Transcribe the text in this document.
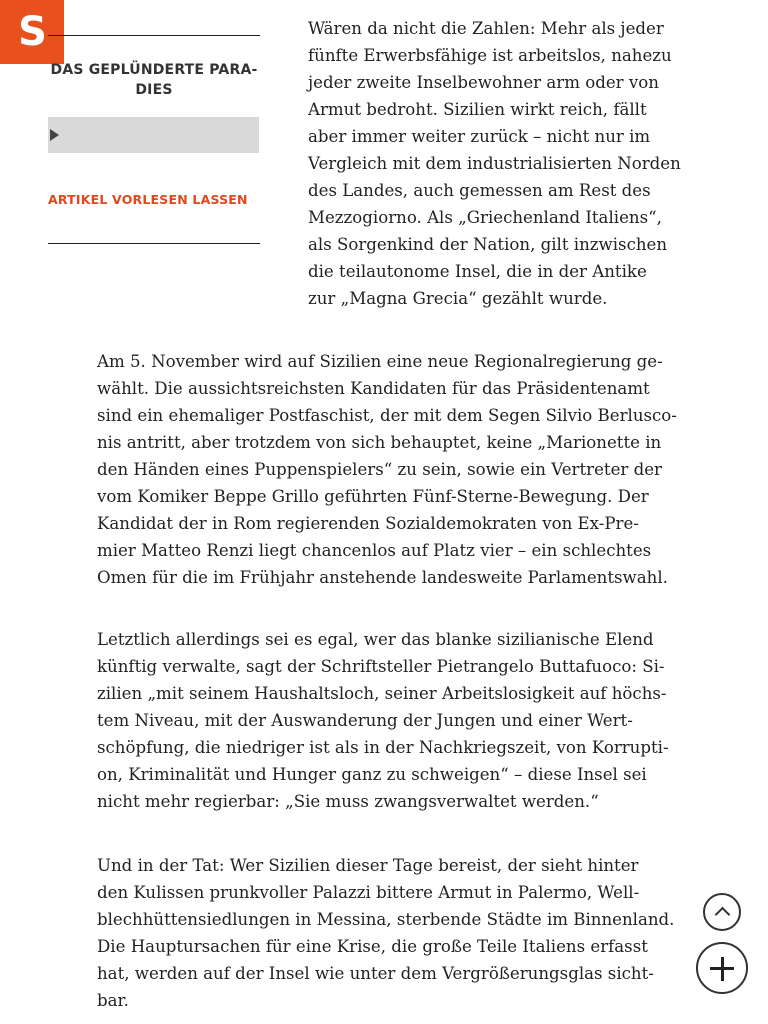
S
DAS GEPLÜNDERTE PARA-
DIES
ARTIKEL VORLESEN LASSEN

Wären da nicht die Zahlen: Mehr als jeder
fünfte Erwerbsfähige ist arbeitslos, nahezu
jeder zweite Inselbewohner arm oder von
Armut bedroht. Sizilien wirkt reich, fällt
aber immer weiter zurück – nicht nur im
Vergleich mit dem industrialisierten Norden
des Landes, auch gemessen am Rest des
Mezzogiorno. Als „Griechenland Italiens“,
als Sorgenkind der Nation, gilt inzwischen
die teilautonome Insel, die in der Antike
zur „Magna Grecia“ gezählt wurde.

Am 5. November wird auf Sizilien eine neue Regionalregierung ge-
wählt. Die aussichtsreichsten Kandidaten für das Präsidentenamt
sind ein ehemaliger Postfaschist, der mit dem Segen Silvio Berlusco-
nis antritt, aber trotzdem von sich behauptet, keine „Marionette in
den Händen eines Puppenspielers“ zu sein, sowie ein Vertreter der
vom Komiker Beppe Grillo geführten Fünf-Sterne-Bewegung. Der
Kandidat der in Rom regierenden Sozialdemokraten von Ex-Pre-
mier Matteo Renzi liegt chancenlos auf Platz vier – ein schlechtes
Omen für die im Frühjahr anstehende landesweite Parlamentswahl.

Letztlich allerdings sei es egal, wer das blanke sizilianische Elend
künftig verwalte, sagt der Schriftsteller Pietrangelo Buttafuoco: Si-
zilien „mit seinem Haushaltsloch, seiner Arbeitslosigkeit auf höchs-
tem Niveau, mit der Auswanderung der Jungen und einer Wert-
schöpfung, die niedriger ist als in der Nachkriegszeit, von Korrupti-
on, Kriminalität und Hunger ganz zu schweigen“ – diese Insel sei
nicht mehr regierbar: „Sie muss zwangsverwaltet werden.“

Und in der Tat: Wer Sizilien dieser Tage bereist, der sieht hinter
den Kulissen prunkvoller Palazzi bittere Armut in Palermo, Well-
blechhüttensiedlungen in Messina, sterbende Städte im Binnenland.
Die Hauptursachen für eine Krise, die große Teile Italiens erfasst
hat, werden auf der Insel wie unter dem Vergrößerungsglas sicht-
bar.
